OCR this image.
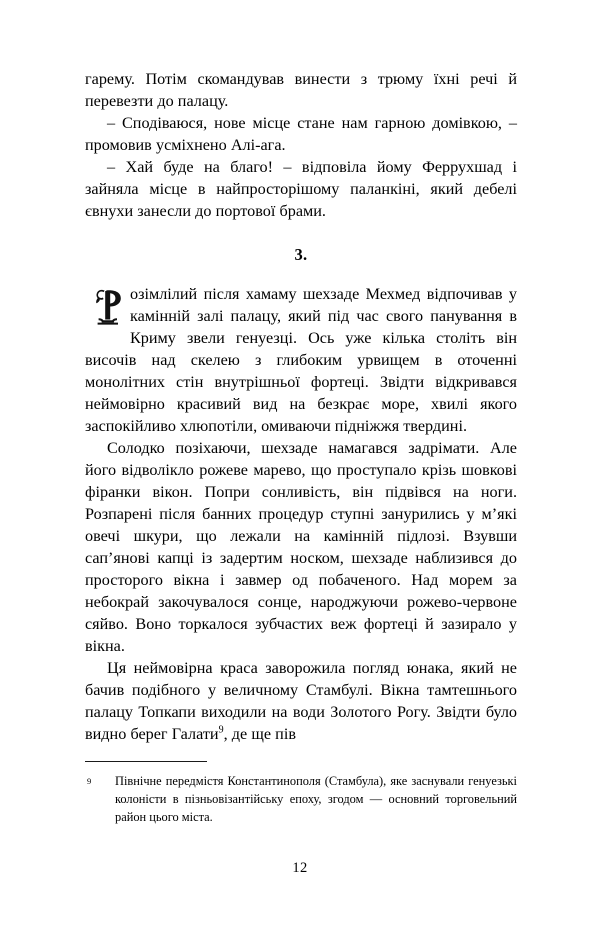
гарему. Потім скомандував винести з трюму їхні речі й перевезти до палацу.

– Сподіваюся, нове місце стане нам гарною домівкою, – промовив усміхнено Алі-ага.

– Хай буде на благо! – відповіла йому Феррухшад і зайняла місце в найпросторішому паланкіні, який дебелі євнухи занесли до портової брами.

3.

озімлілий після хамаму шехзаде Мехмед відпочивав у камінній залі палацу, який під час свого панування в Криму звели генуезці. Ось уже кілька століть він височів над скелею з глибоким урвищем в оточенні монолітних стін внутрішньої фортеці. Звідти відкривався неймовірно красивий вид на безкрає море, хвилі якого заспокійливо хлюпотіли, омиваючи підніжжя твердині.

Солодко позіхаючи, шехзаде намагався задрімати. Але його відволікло рожеве марево, що проступало крізь шовкові фіранки вікон. Попри сонливість, він підвівся на ноги. Розпарені після банних процедур ступні занурились у м’які овечі шкури, що лежали на камінній підлозі. Взувши сап’янові капці із задертим носком, шехзаде наблизився до просторого вікна і завмер од побаченого. Над морем за небокрай закочувалося сонце, народжуючи рожево-червоне сяйво. Воно торкалося зубчастих веж фортеці й зазирало у вікна.

Ця неймовірна краса заворожила погляд юнака, який не бачив подібного у величному Стамбулі. Вікна тамтешнього палацу Топкапи виходили на води Золотого Рогу. Звідти було видно берег Галати$^9$, де ще пів

9 Північне передмістя Константинополя (Стамбула), яке заснували генуезькі колоністи в пізньовізантійську епоху, згодом — основний торговельний район цього міста.

12
